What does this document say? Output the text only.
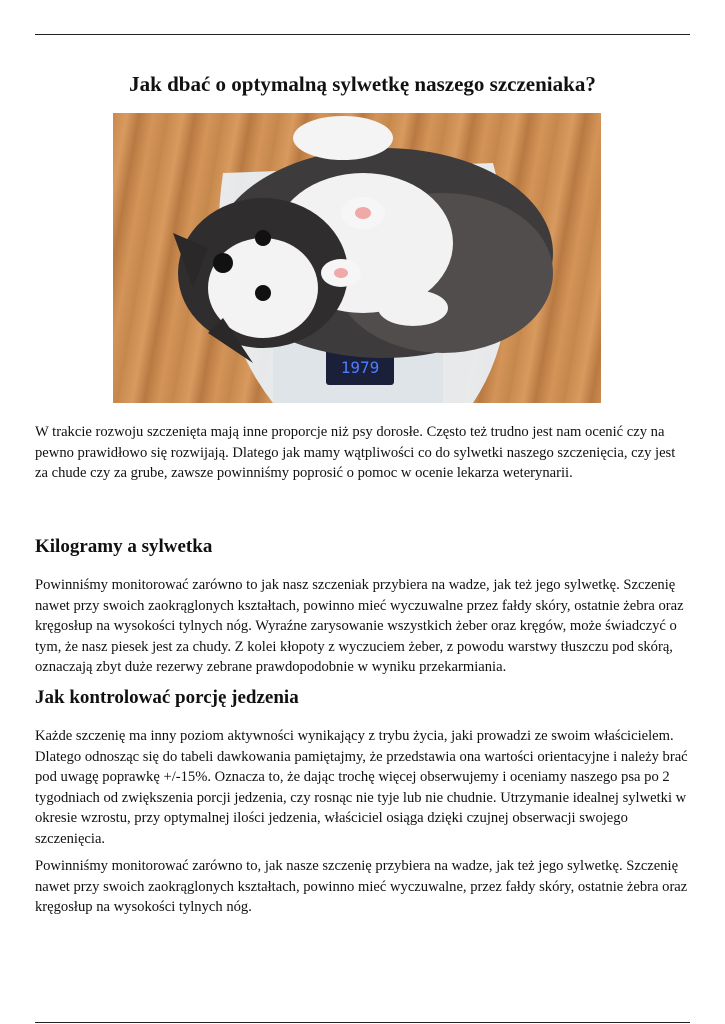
Jak dbać o optymalną sylwetkę naszego szczeniaka?
1979

W trakcie rozwoju szczenięta mają inne proporcje niż psy dorosłe. Często też trudno jest nam ocenić czy na pewno prawidłowo się rozwijają. Dlatego jak mamy wątpliwości co do sylwetki naszego szczenięcia, czy jest za chude czy za grube, zawsze powinniśmy poprosić o pomoc w ocenie lekarza weterynarii.

Kilogramy a sylwetka

Powinniśmy monitorować zarówno to jak nasz szczeniak przybiera na wadze, jak też jego sylwetkę. Szczenię nawet przy swoich zaokrąglonych kształtach, powinno mieć wyczuwalne przez fałdy skóry, ostatnie żebra oraz kręgosłup na wysokości tylnych nóg. Wyraźne zarysowanie wszystkich żeber oraz kręgów, może świadczyć o tym, że nasz piesek jest za chudy. Z kolei kłopoty z wyczuciem żeber, z powodu warstwy tłuszczu pod skórą, oznaczają zbyt duże rezerwy zebrane prawdopodobnie w wyniku przekarmiania.

Jak kontrolować porcję jedzenia

Każde szczenię ma inny poziom aktywności wynikający z trybu życia, jaki prowadzi ze swoim właścicielem. Dlatego odnosząc się do tabeli dawkowania pamiętajmy, że przedstawia ona wartości orientacyjne i należy brać pod uwagę poprawkę +/-15%. Oznacza to, że dając trochę więcej obserwujemy i oceniamy naszego psa po 2 tygodniach od zwiększenia porcji jedzenia, czy rosnąc nie tyje lub nie chudnie. Utrzymanie idealnej sylwetki w okresie wzrostu, przy optymalnej ilości jedzenia, właściciel osiąga dzięki czujnej obserwacji swojego szczenięcia.

Powinniśmy monitorować zarówno to, jak nasze szczenię przybiera na wadze, jak też jego sylwetkę. Szczenię nawet przy swoich zaokrąglonych kształtach, powinno mieć wyczuwalne, przez fałdy skóry, ostatnie żebra oraz kręgosłup na wysokości tylnych nóg.
